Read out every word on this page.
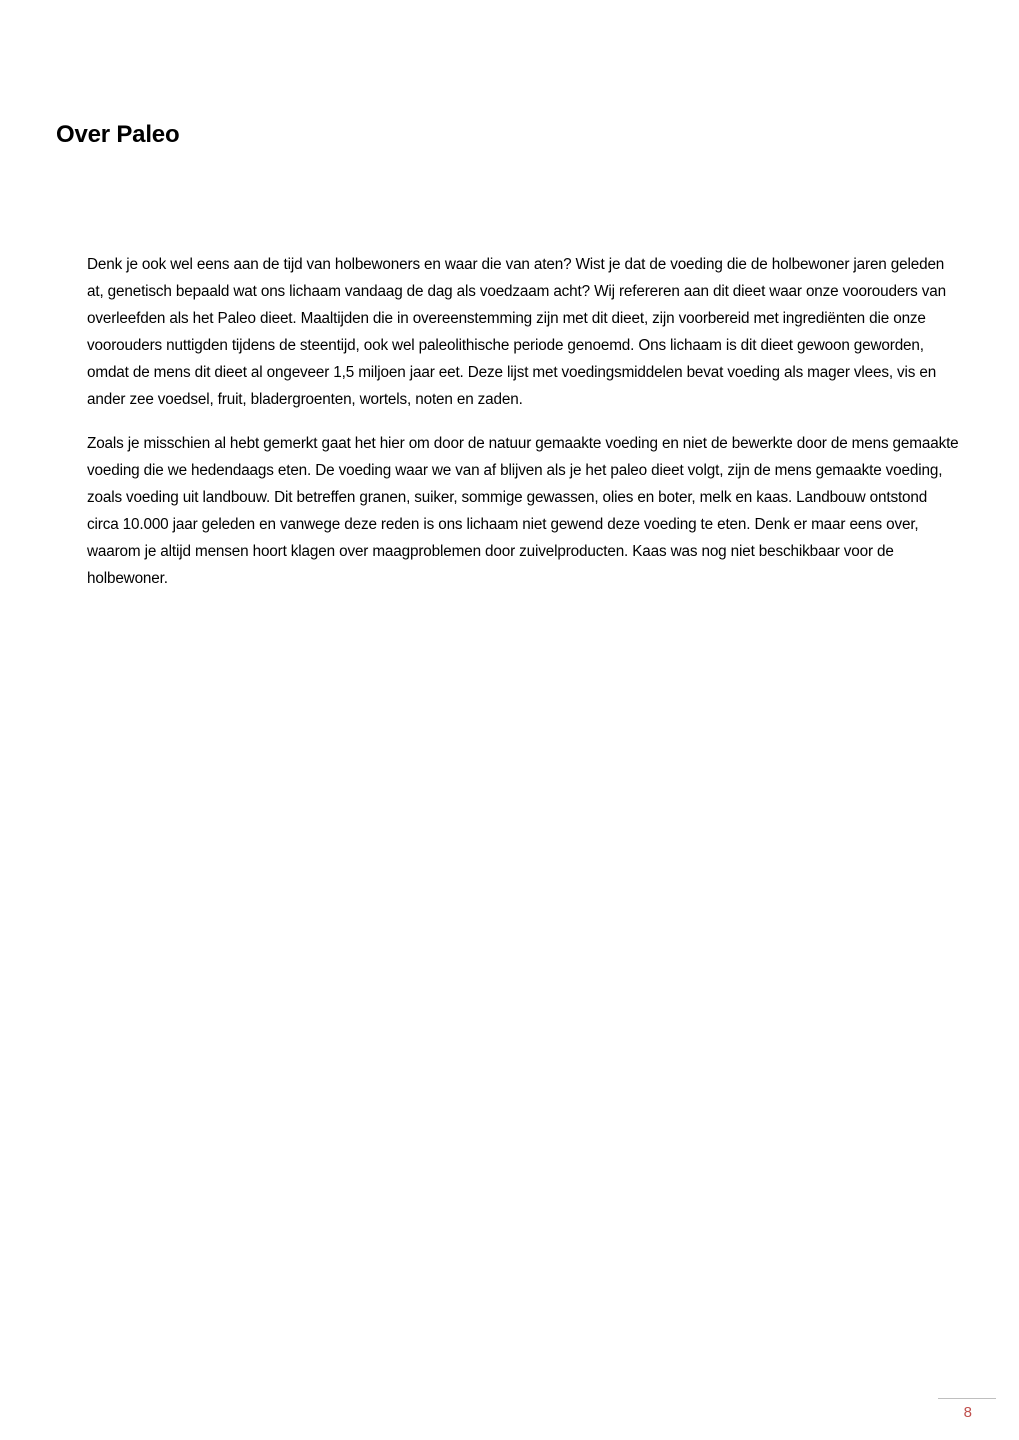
Over Paleo

Denk je ook wel eens aan de tijd van holbewoners en waar die van aten? Wist je dat de voeding die de holbewoner jaren geleden at, genetisch bepaald wat ons lichaam vandaag de dag als voedzaam acht? Wij refereren aan dit dieet waar onze voorouders van overleefden als het Paleo dieet. Maaltijden die in overeenstemming zijn met dit dieet, zijn voorbereid met ingrediënten die onze voorouders nuttigden tijdens de steentijd, ook wel paleolithische periode genoemd. Ons lichaam is dit dieet gewoon geworden, omdat de mens dit dieet al ongeveer 1,5 miljoen jaar eet. Deze lijst met voedingsmiddelen bevat voeding als mager vlees, vis en ander zee voedsel, fruit, bladergroenten, wortels, noten en zaden.

Zoals je misschien al hebt gemerkt gaat het hier om door de natuur gemaakte voeding en niet de bewerkte door de mens gemaakte voeding die we hedendaags eten. De voeding waar we van af blijven als je het paleo dieet volgt, zijn de mens gemaakte voeding, zoals voeding uit landbouw. Dit betreffen granen, suiker, sommige gewassen, olies en boter, melk en kaas. Landbouw ontstond circa 10.000 jaar geleden en vanwege deze reden is ons lichaam niet gewend deze voeding te eten. Denk er maar eens over, waarom je altijd mensen hoort klagen over maagproblemen door zuivelproducten. Kaas was nog niet beschikbaar voor de holbewoner.

8
